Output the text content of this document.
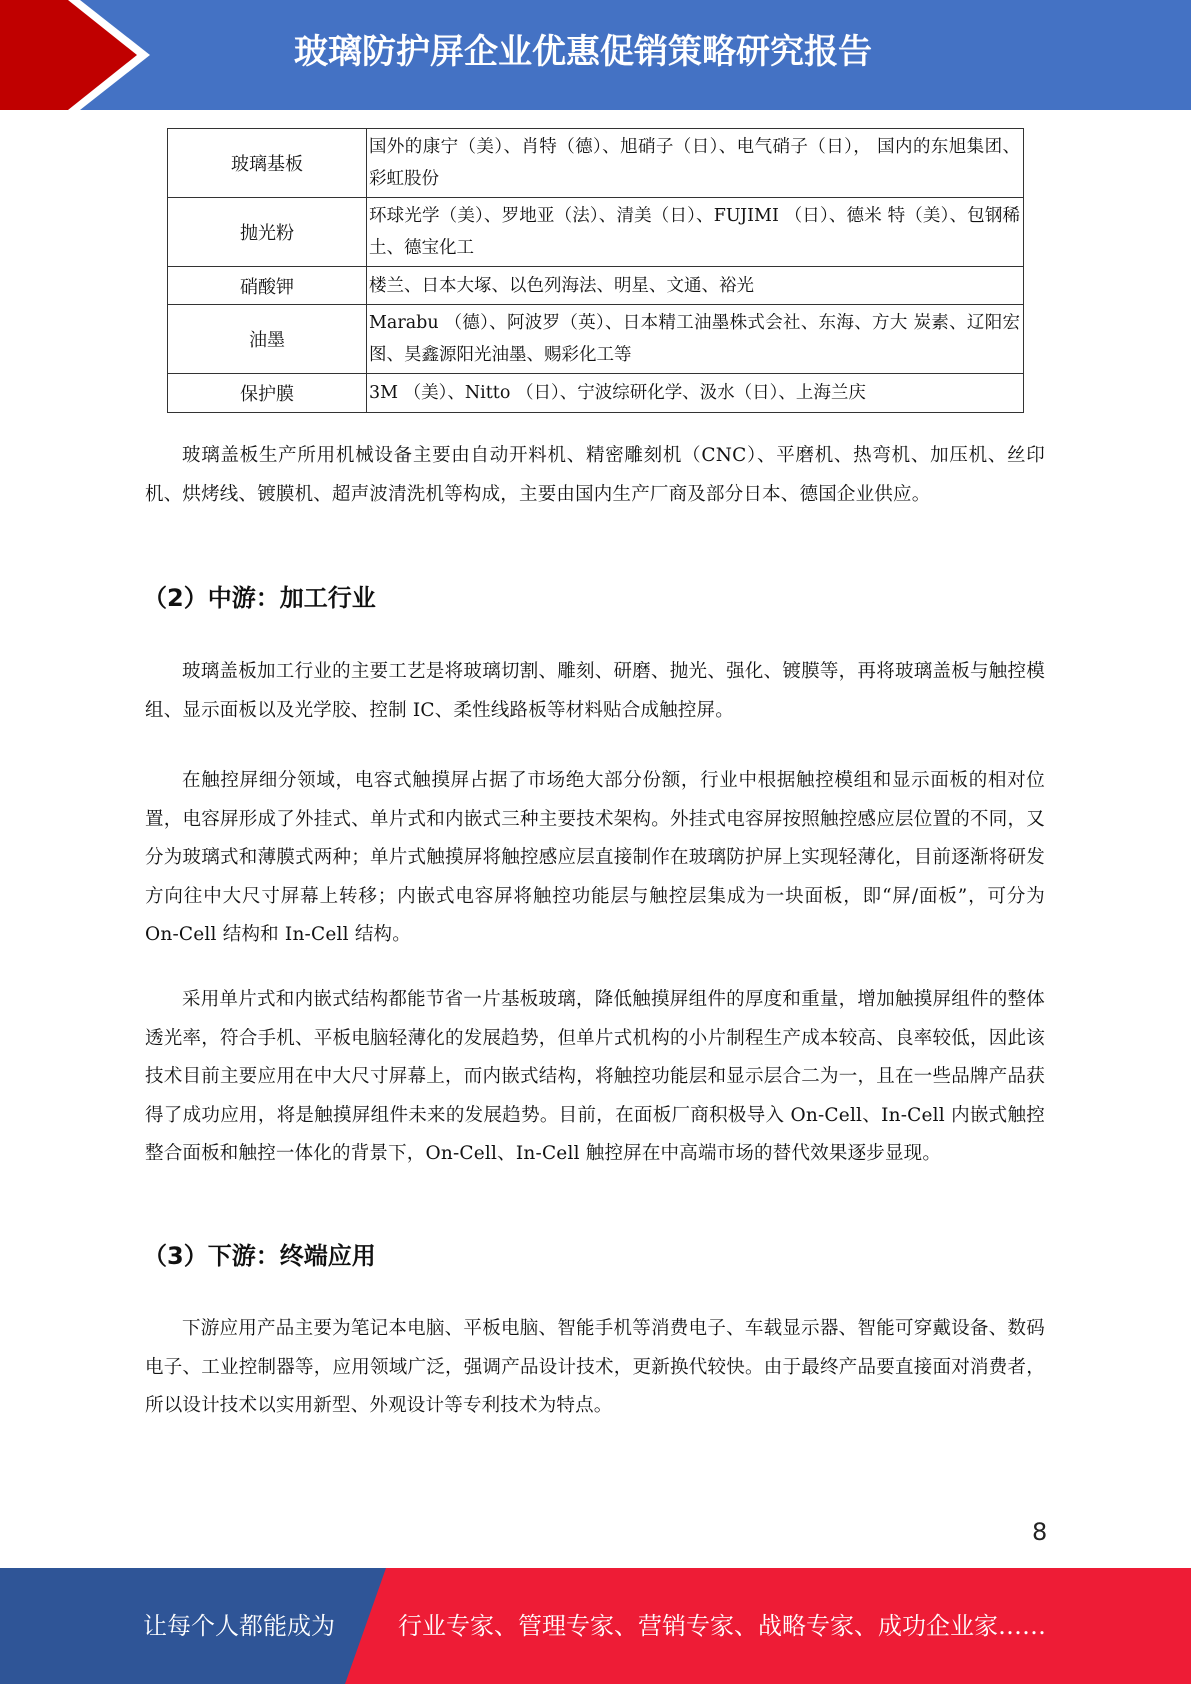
玻璃防护屏企业优惠促销策略研究报告
玻璃基板	国外的康宁（美）、肖特（德）、旭硝子（日）、电气硝子（日）， 国内的东旭集团、彩虹股份
抛光粉	环球光学（美）、罗地亚（法）、清美（日）、FUJIMI （日）、德米 特（美）、包钢稀土、德宝化工
硝酸钾	楼兰、日本大塚、以色列海法、明星、文通、裕光
油墨	Marabu （德）、阿波罗（英）、日本精工油墨株式会社、东海、方大 炭素、辽阳宏图、昊鑫源阳光油墨、赐彩化工等
保护膜	3M （美）、Nitto （日）、宁波综研化学、汲水（日）、上海兰庆

玻璃盖板生产所用机械设备主要由自动开料机、精密雕刻机（CNC）、平磨机、热弯机、加压机、丝印机、烘烤线、镀膜机、超声波清洗机等构成，主要由国内生产厂商及部分日本、德国企业供应。

（2）中游：加工行业

玻璃盖板加工行业的主要工艺是将玻璃切割、雕刻、研磨、抛光、强化、镀膜等，再将玻璃盖板与触控模组、显示面板以及光学胶、控制 IC、柔性线路板等材料贴合成触控屏。

在触控屏细分领域，电容式触摸屏占据了市场绝大部分份额，行业中根据触控模组和显示面板的相对位置，电容屏形成了外挂式、单片式和内嵌式三种主要技术架构。外挂式电容屏按照触控感应层位置的不同，又分为玻璃式和薄膜式两种；单片式触摸屏将触控感应层直接制作在玻璃防护屏上实现轻薄化，目前逐渐将研发方向往中大尺寸屏幕上转移；内嵌式电容屏将触控功能层与触控层集成为一块面板，即“屏/面板”，可分为 On-Cell 结构和 In-Cell 结构。

采用单片式和内嵌式结构都能节省一片基板玻璃，降低触摸屏组件的厚度和重量，增加触摸屏组件的整体透光率，符合手机、平板电脑轻薄化的发展趋势，但单片式机构的小片制程生产成本较高、良率较低，因此该技术目前主要应用在中大尺寸屏幕上，而内嵌式结构，将触控功能层和显示层合二为一，且在一些品牌产品获得了成功应用，将是触摸屏组件未来的发展趋势。目前，在面板厂商积极导入 On-Cell、In-Cell 内嵌式触控整合面板和触控一体化的背景下，On-Cell、In-Cell 触控屏在中高端市场的替代效果逐步显现。

（3）下游：终端应用

下游应用产品主要为笔记本电脑、平板电脑、智能手机等消费电子、车载显示器、智能可穿戴设备、数码电子、工业控制器等，应用领域广泛，强调产品设计技术，更新换代较快。由于最终产品要直接面对消费者，所以设计技术以实用新型、外观设计等专利技术为特点。

8
让每个人都能成为	行业专家、管理专家、营销专家、战略专家、成功企业家……
